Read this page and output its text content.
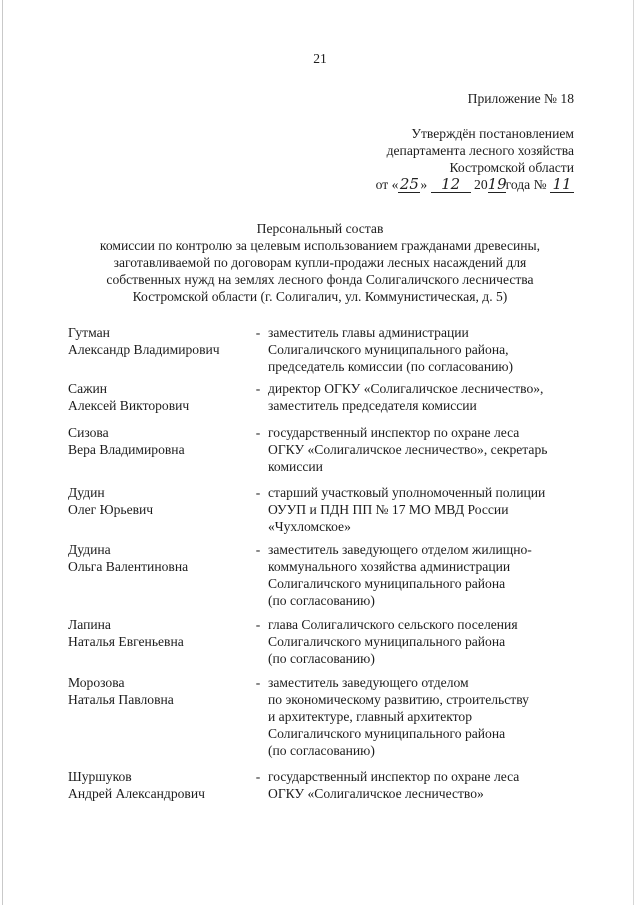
21
Приложение № 18
Утверждён постановлением
департамента лесного хозяйства
Костромской области
от «25» 12 2019года № 11
Персональный состав
комиссии по контролю за целевым использованием гражданами древесины,
заготавливаемой по договорам купли-продажи лесных насаждений для
собственных нужд на землях лесного фонда Солигаличского лесничества
Костромской области (г. Солигалич, ул. Коммунистическая, д. 5)
Гутман
Александр Владимирович
- заместитель главы администрации
Солигаличского муниципального района,
председатель комиссии (по согласованию)
Сажин
Алексей Викторович
- директор ОГКУ «Солигаличское лесничество»,
заместитель председателя комиссии
Сизова
Вера Владимировна
- государственный инспектор по охране леса
ОГКУ «Солигаличское лесничество», секретарь
комиссии
Дудин
Олег Юрьевич
- старший участковый уполномоченный полиции
ОУУП и ПДН ПП № 17 МО МВД России
«Чухломское»
Дудина
Ольга Валентиновна
- заместитель заведующего отделом жилищно-
коммунального хозяйства администрации
Солигаличского муниципального района
(по согласованию)
Лапина
Наталья Евгеньевна
- глава Солигаличского сельского поселения
Солигаличского муниципального района
(по согласованию)
Морозова
Наталья Павловна
- заместитель заведующего отделом
по экономическому развитию, строительству
и архитектуре, главный архитектор
Солигаличского муниципального района
(по согласованию)
Шуршуков
Андрей Александрович
- государственный инспектор по охране леса
ОГКУ «Солигаличское лесничество»
